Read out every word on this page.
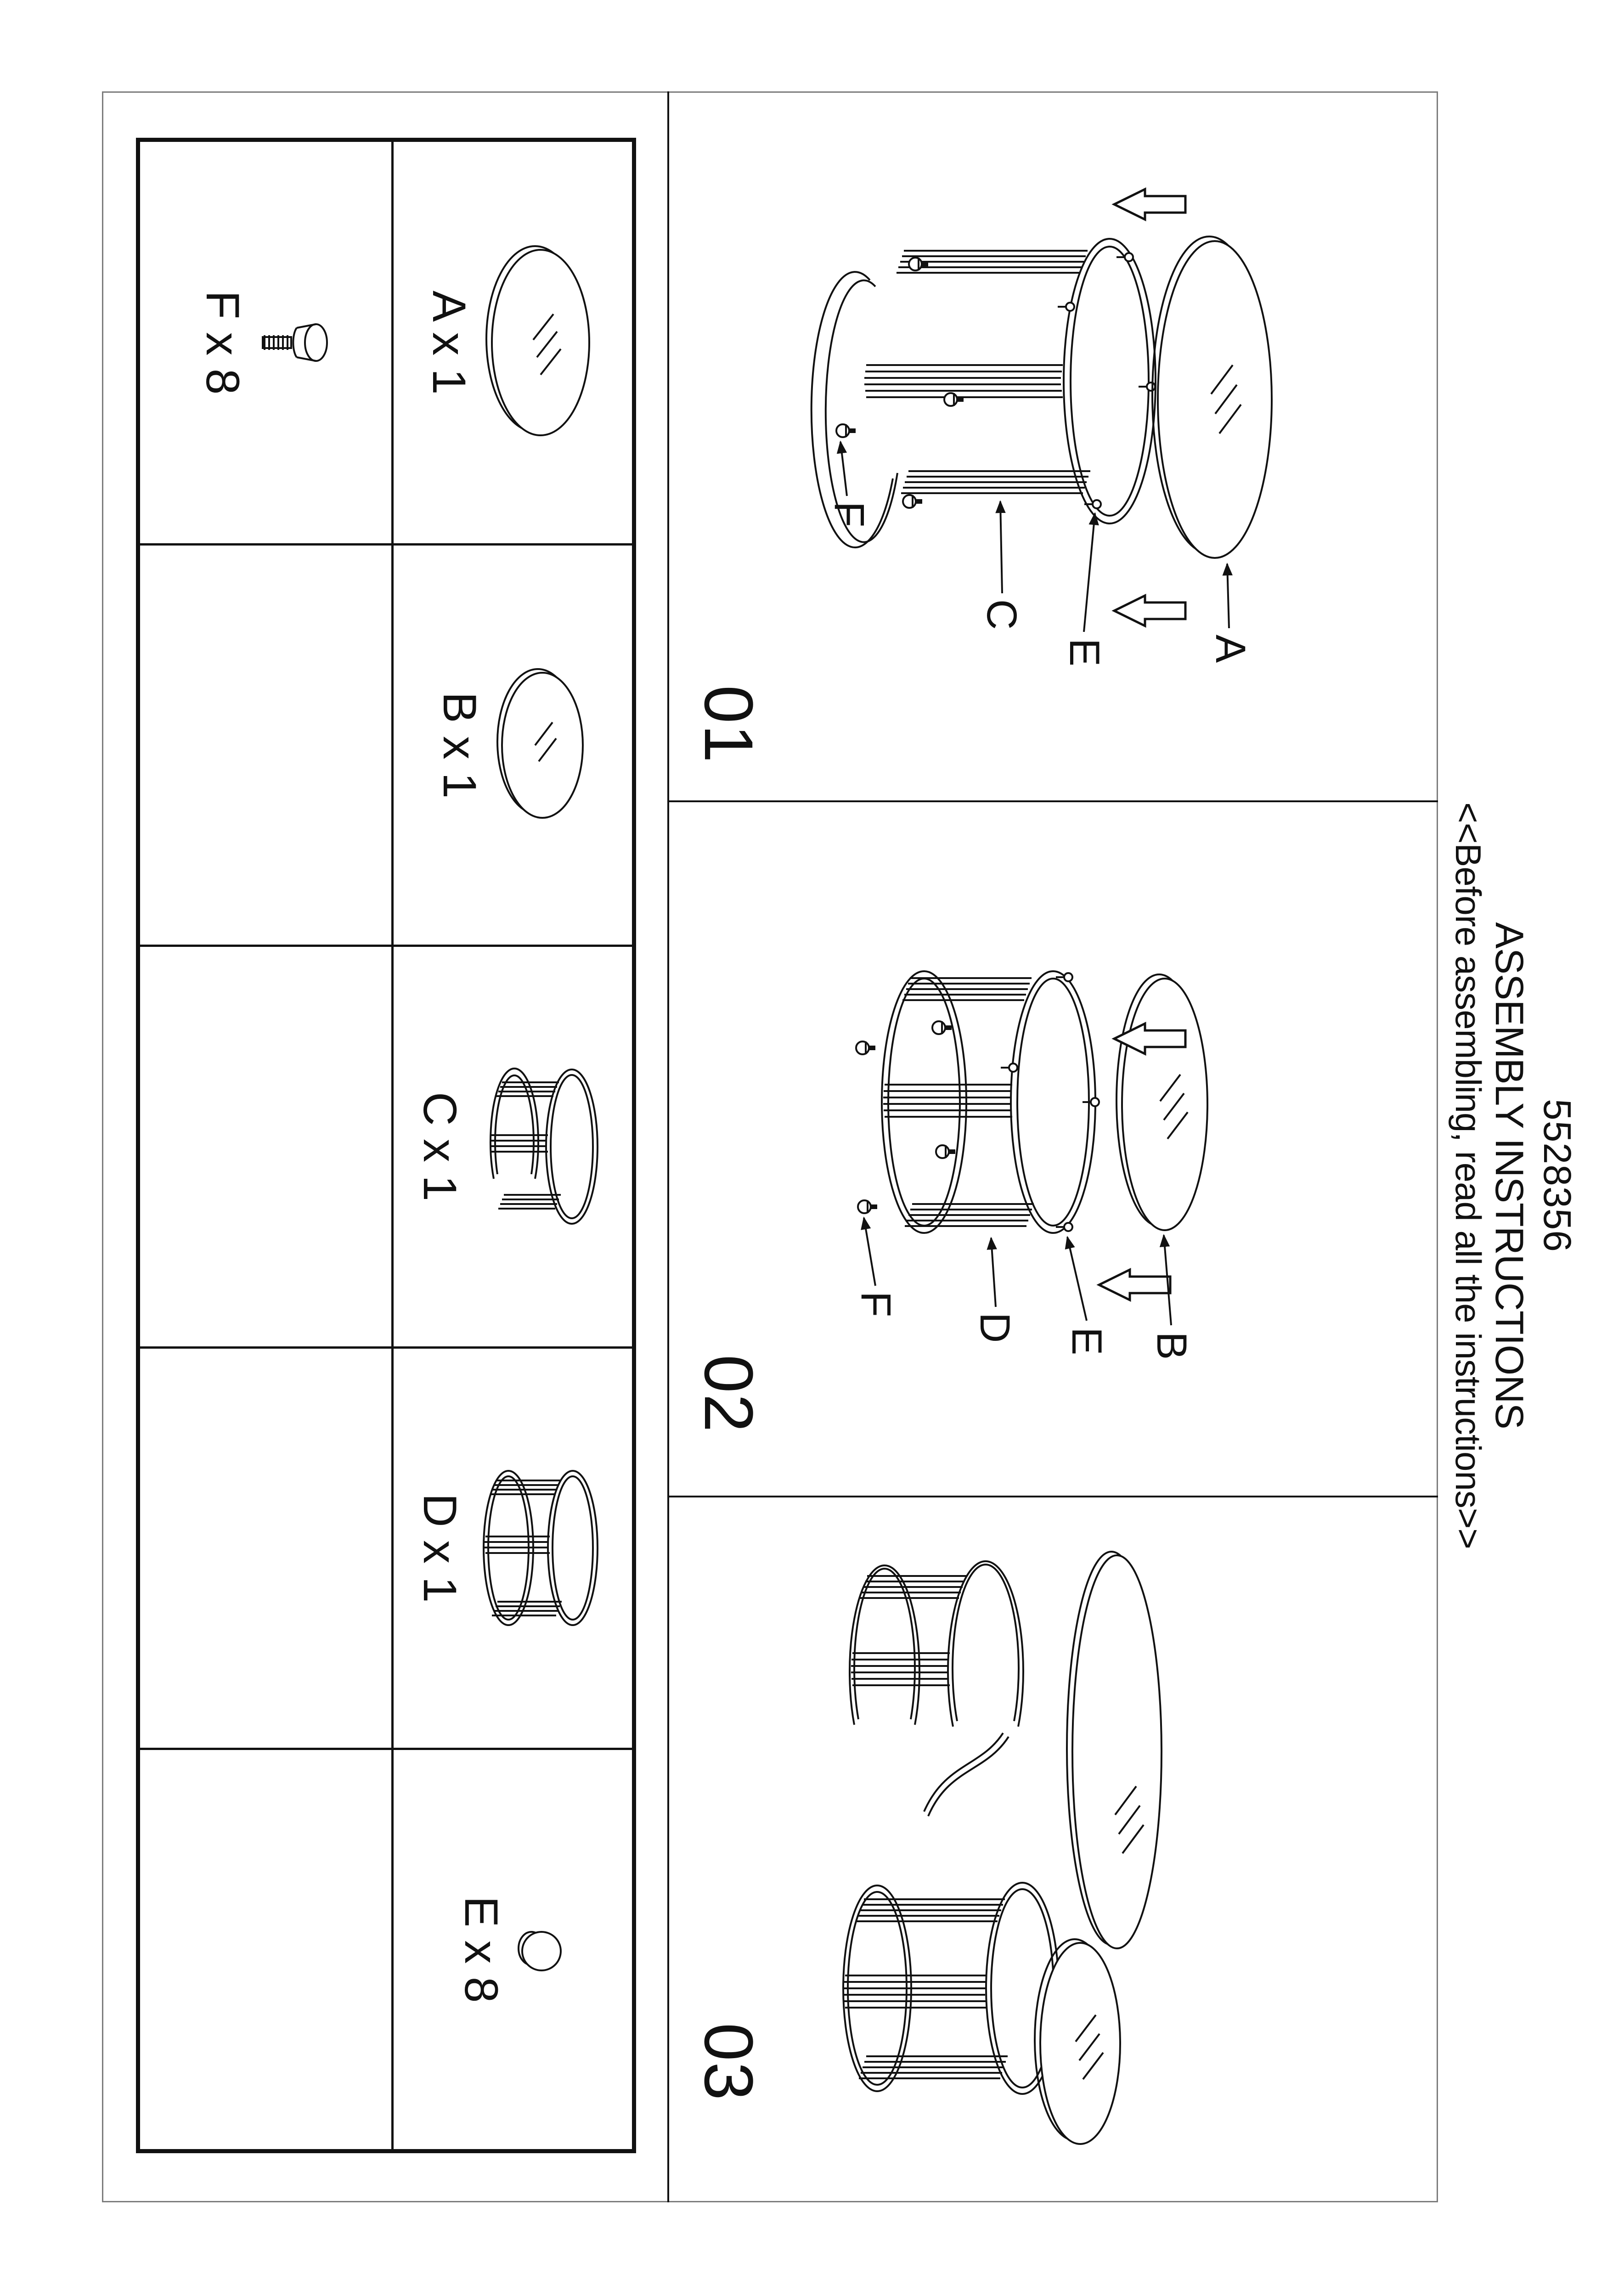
5528356
ASSEMBLY INSTRUCTIONS
<<Before assembling, read all the instructions>>
01
02
03
A
E
C
F
B
E
D
F
A x 1
B x 1
C x 1
D x 1
E x 8
F x 8
